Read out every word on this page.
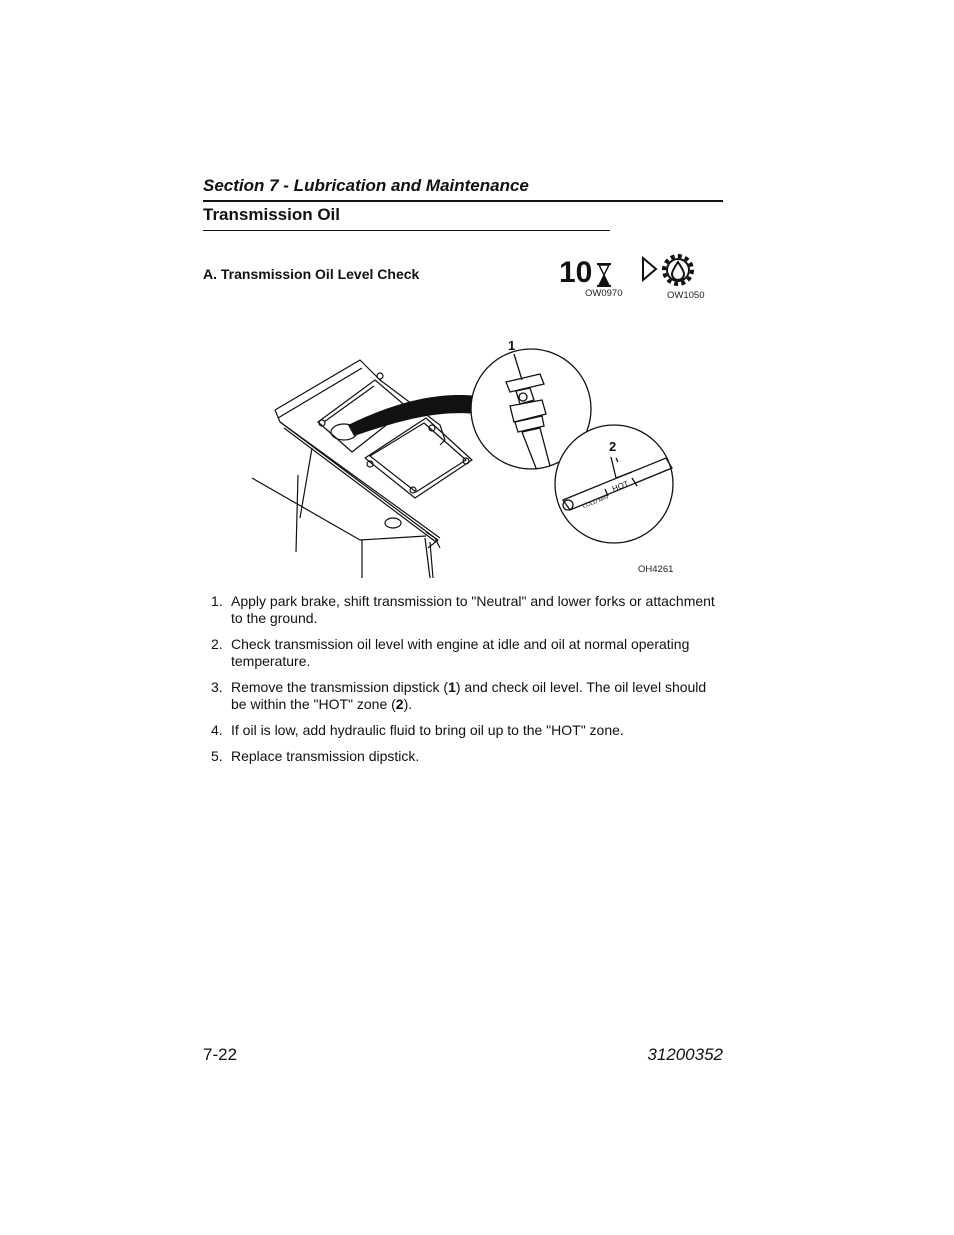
Section 7 - Lubrication and Maintenance
Transmission Oil
A. Transmission Oil Level Check	10
OW0970	OW1050
COLD MIN
HOT
1
2
OH4261
1. Apply park brake, shift transmission to "Neutral" and lower forks or attachment to the ground.
2. Check transmission oil level with engine at idle and oil at normal operating temperature.
3. Remove the transmission dipstick (1) and check oil level. The oil level should be within the "HOT" zone (2).
4. If oil is low, add hydraulic fluid to bring oil up to the "HOT" zone.
5. Replace transmission dipstick.
7-22	31200352
